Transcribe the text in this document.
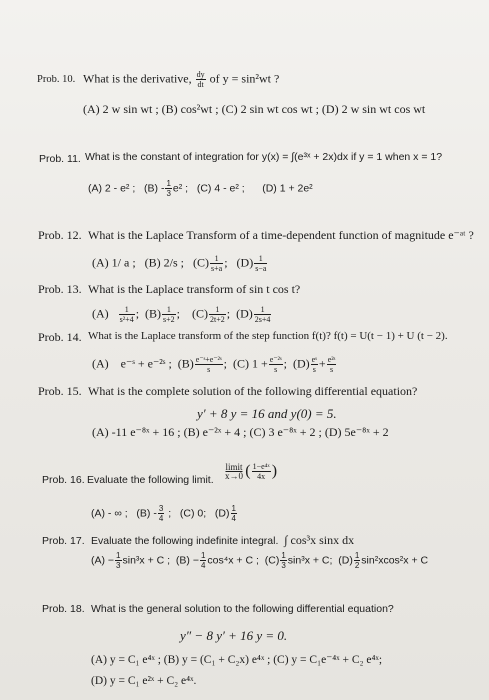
Prob. 10. What is the derivative, $\frac{dy}{dt}$ of y = sin²wt ?
(A) 2 w sin wt ; (B) cos²wt ; (C) 2 sin wt cos wt ; (D) 2 w sin wt cos wt
Prob. 11. What is the constant of integration for y(x) = ∫(e³ˣ + 2x)dx if y = 1 when x = 1?
(A) 2 - e² ; $(B) - \frac{1}{3} e^2$ ; (C) 4 - e² ; (D) 1 + 2e²
Prob. 12. What is the Laplace Transform of a time-dependent function of magnitude e⁻ᵃᵗ ?
(A) 1/ a ; (B) 2/s ; $(C) \frac{1}{s+a}$ ; $(D) \frac{1}{s-a}$
Prob. 13. What is the Laplace transform of sin t cos t?
$(A) \frac{1}{\text{s²+4}}$ ; $(B) \frac{1}{s+2}$ ; $(C) \frac{1}{2t+2}$ ; $(D) \frac{1}{2s+4}$
Prob. 14. What is the Laplace transform of the step function f(t)? f(t) = U(t − 1) + U (t − 2).
(A) e⁻ˢ + e⁻²ˢ ; $(B) \frac{\text{e⁻ˢ+e⁻²ˢ}}{s}$ ; (C) $1 + \frac{\text{e⁻²ˢ}}{s}$ ; $(D) \frac{\text{eˢ}}{s} + \frac{\text{e²ˢ}}{s}$
Prob. 15. What is the complete solution of the following differential equation?
y′ + 8 y = 16 and y(0) = 5.
(A) -11 e⁻⁸ˣ + 16 ; (B) e⁻²ˣ + 4 ; (C) 3 e⁻⁸ˣ + 2 ; (D) 5e⁻⁸ˣ + 2
Prob. 16. Evaluate the following limit. $\frac{\text{limit}}{x\to 0}$ ( $\frac{\text{1−e⁴ˣ}}{4x}$ )
(A) - ∞ ; $(B) - \frac{3}{4}$ ; (C) 0; $(D) \frac{1}{4}$
Prob. 17. Evaluate the following indefinite integral. ∫ cos³x sinx dx
$(A) - \frac{1}{3} \sin^3x + C$ ; $(B) - \frac{1}{4} \cos^4x + C$ ; $(C) \frac{1}{3} \sin^3x + C$; $(D) \frac{1}{2} \sin^2xcos^2x + C$
Prob. 18. What is the general solution to the following differential equation?
y″ − 8 y′ + 16 y = 0.
(A) y = C₁ e⁴ˣ ; (B) y = (C₁ + C₂x) e⁴ˣ ; (C) y = C₁e⁻⁴ˣ + C₂ e⁴ˣ;
(D) y = C₁ e²ˣ + C₂ e⁴ˣ.
